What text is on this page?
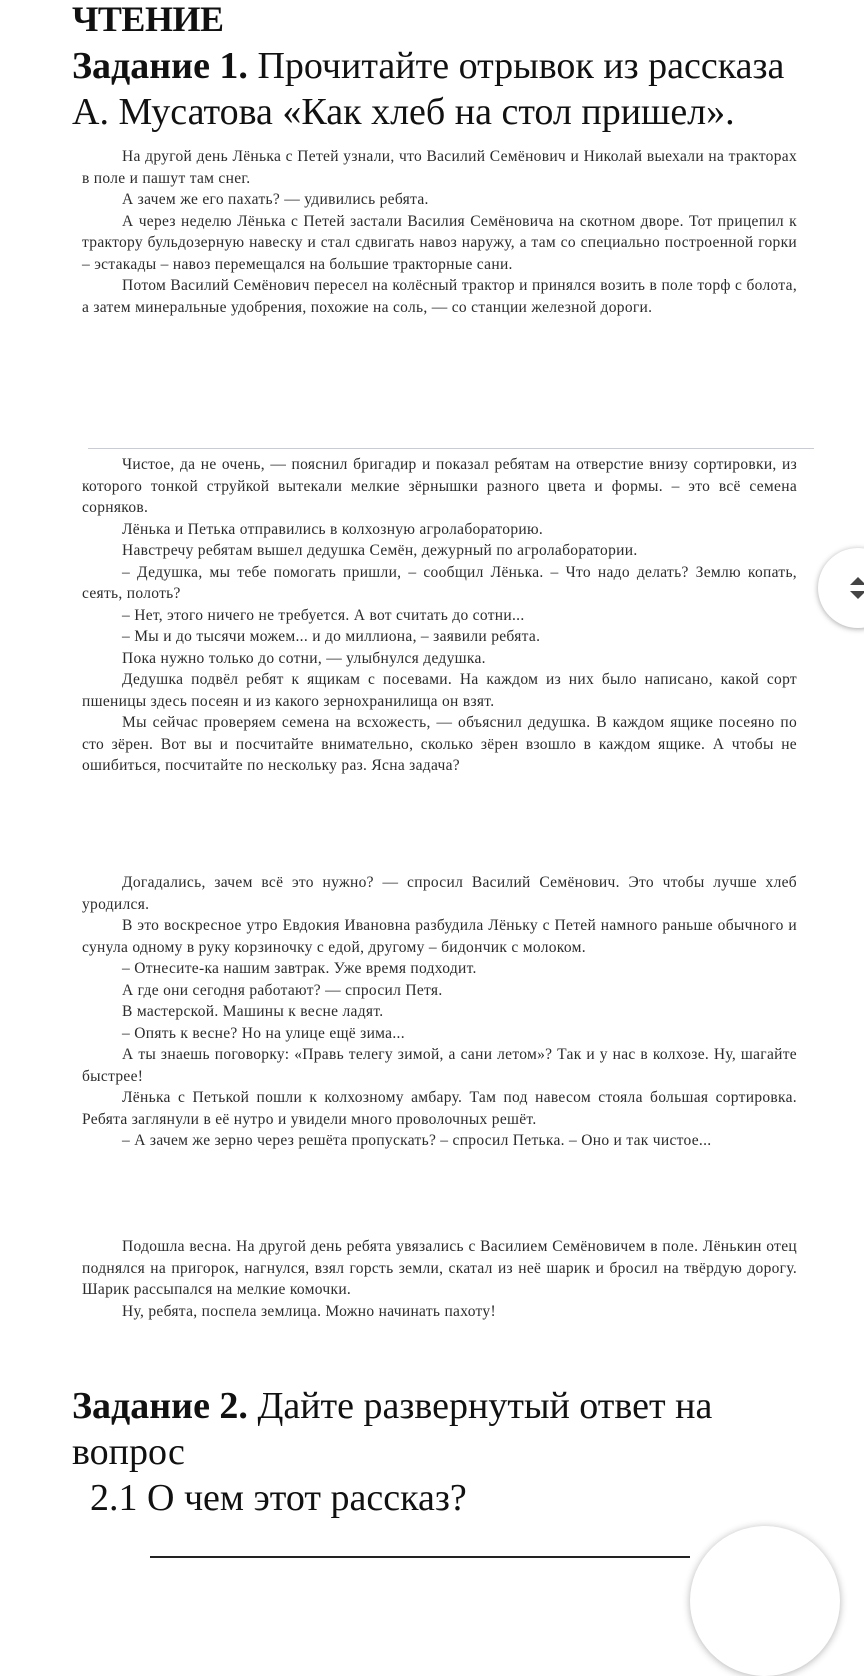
ЧТЕНИЕ
Задание 1. Прочитайте отрывок из рассказа
А. Мусатова «Как хлеб на стол пришел».

На другой день Лёнька с Петей узнали, что Василий Семёнович и Николай выехали на тракторах в поле и пашут там снег.

А зачем же его пахать? — удивились ребята.

А через неделю Лёнька с Петей застали Василия Семёновича на скотном дворе. Тот прицепил к трактору бульдозерную навеску и стал сдвигать навоз наружу, а там со специально построенной горки – эстакады – навоз перемещался на большие тракторные сани.

Потом Василий Семёнович пересел на колёсный трактор и принялся возить в поле торф с болота, а затем минеральные удобрения, похожие на соль, — со станции железной дороги.

Чистое, да не очень, — пояснил бригадир и показал ребятам на отверстие внизу сортировки, из которого тонкой струйкой вытекали мелкие зёрнышки разного цвета и формы. – это всё семена сорняков.

Лёнька и Петька отправились в колхозную агролабораторию.

Навстречу ребятам вышел дедушка Семён, дежурный по агролаборатории.

– Дедушка, мы тебе помогать пришли, – сообщил Лёнька. – Что надо делать? Землю копать, сеять, полоть?

– Нет, этого ничего не требуется. А вот считать до сотни...

– Мы и до тысячи можем... и до миллиона, – заявили ребята.

Пока нужно только до сотни, — улыбнулся дедушка.

Дедушка подвёл ребят к ящикам с посевами. На каждом из них было написано, какой сорт пшеницы здесь посеян и из какого зернохранилища он взят.

Мы сейчас проверяем семена на всхожесть, — объяснил дедушка. В каждом ящике посеяно по сто зёрен. Вот вы и посчитайте внимательно, сколько зёрен взошло в каждом ящике. А чтобы не ошибиться, посчитайте по нескольку раз. Ясна задача?

Догадались, зачем всё это нужно? — спросил Василий Семёнович. Это чтобы лучше хлеб уродился.

В это воскресное утро Евдокия Ивановна разбудила Лёньку с Петей намного раньше обычного и сунула одному в руку корзиночку с едой, другому – бидончик с молоком.

– Отнесите-ка нашим завтрак. Уже время подходит.

А где они сегодня работают? — спросил Петя.

В мастерской. Машины к весне ладят.

– Опять к весне? Но на улице ещё зима...

А ты знаешь поговорку: «Правь телегу зимой, а сани летом»? Так и у нас в колхозе. Ну, шагайте быстрее!

Лёнька с Петькой пошли к колхозному амбару. Там под навесом стояла большая сортировка. Ребята заглянули в её нутро и увидели много проволочных решёт.

– А зачем же зерно через решёта пропускать? – спросил Петька. – Оно и так чистое...

Подошла весна. На другой день ребята увязались с Василием Семёновичем в поле. Лёнькин отец поднялся на пригорок, нагнулся, взял горсть земли, скатал из неё шарик и бросил на твёрдую дорогу. Шарик рассыпался на мелкие комочки.

Ну, ребята, поспела землица. Можно начинать пахоту!

Задание 2. Дайте развернутый ответ на
вопрос
2.1 О чем этот рассказ?
